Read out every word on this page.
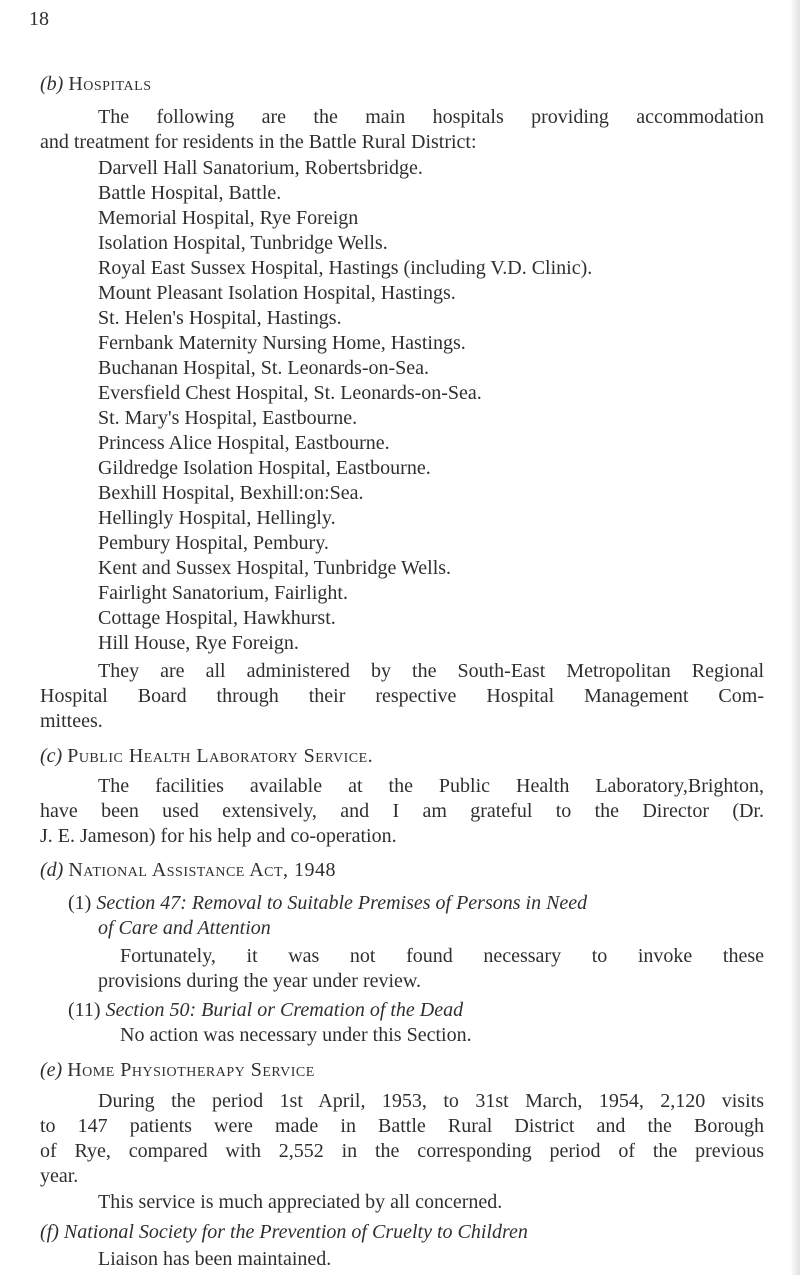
18
(b) Hospitals
The following are the main hospitals providing accommodation
and treatment for residents in the Battle Rural District:
Darvell Hall Sanatorium, Robertsbridge.
Battle Hospital, Battle.
Memorial Hospital, Rye Foreign
Isolation Hospital, Tunbridge Wells.
Royal East Sussex Hospital, Hastings (including V.D. Clinic).
Mount Pleasant Isolation Hospital, Hastings.
St. Helen's Hospital, Hastings.
Fernbank Maternity Nursing Home, Hastings.
Buchanan Hospital, St. Leonards-on-Sea.
Eversfield Chest Hospital, St. Leonards-on-Sea.
St. Mary's Hospital, Eastbourne.
Princess Alice Hospital, Eastbourne.
Gildredge Isolation Hospital, Eastbourne.
Bexhill Hospital, Bexhill:on:Sea.
Hellingly Hospital, Hellingly.
Pembury Hospital, Pembury.
Kent and Sussex Hospital, Tunbridge Wells.
Fairlight Sanatorium, Fairlight.
Cottage Hospital, Hawkhurst.
Hill House, Rye Foreign.
They are all administered by the South-East Metropolitan Regional
Hospital Board through their respective Hospital Management Com-
mittees.
(c) Public Health Laboratory Service.
The facilities available at the Public Health Laboratory,Brighton,
have been used extensively, and I am grateful to the Director (Dr.
J. E. Jameson) for his help and co-operation.
(d) National Assistance Act, 1948
(1) Section 47: Removal to Suitable Premises of Persons in Need
of Care and Attention
Fortunately, it was not found necessary to invoke these
provisions during the year under review.
(11) Section 50: Burial or Cremation of the Dead
No action was necessary under this Section.
(e) Home Physiotherapy Service
During the period 1st April, 1953, to 31st March, 1954, 2,120 visits
to 147 patients were made in Battle Rural District and the Borough
of Rye, compared with 2,552 in the corresponding period of the previous
year.
This service is much appreciated by all concerned.
(f) National Society for the Prevention of Cruelty to Children
Liaison has been maintained.
